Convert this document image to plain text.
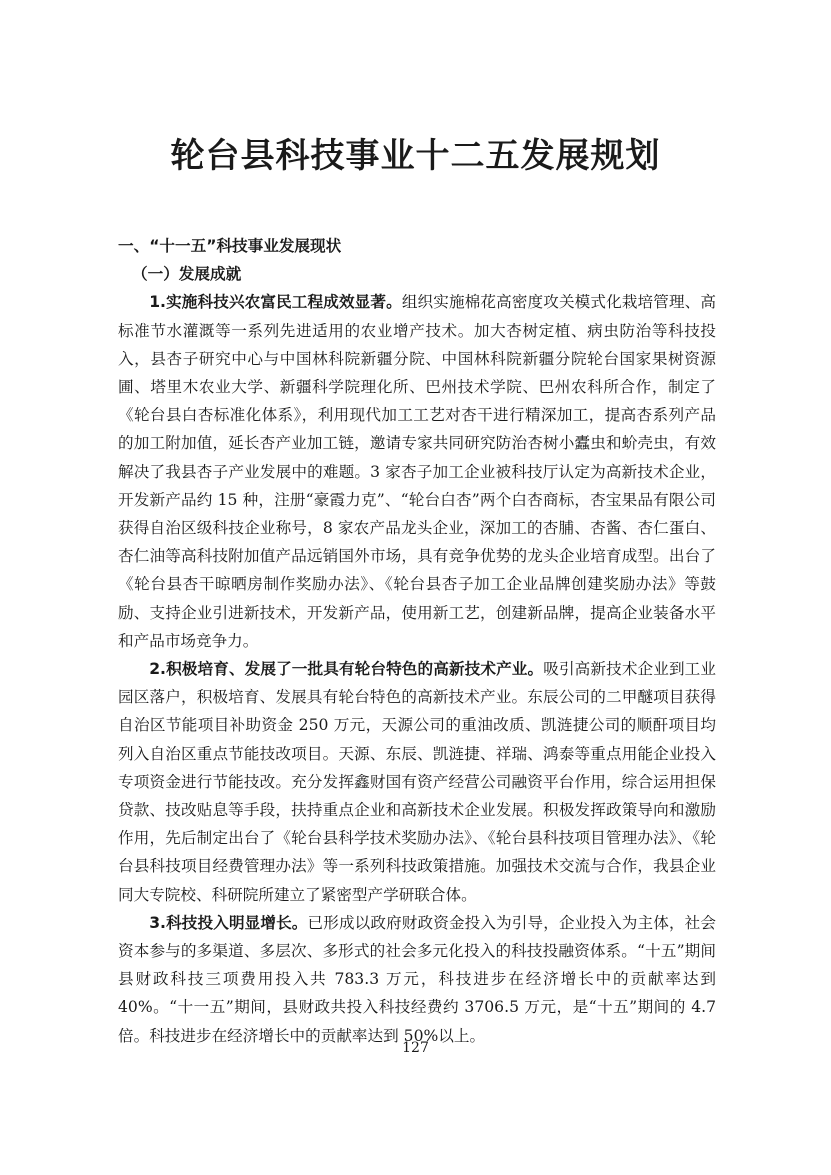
轮台县科技事业十二五发展规划

一、“十一五”科技事业发展现状

（一）发展成就

1.实施科技兴农富民工程成效显著。组织实施棉花高密度攻关模式化栽培管理、高标准节水灌溉等一系列先进适用的农业增产技术。加大杏树定植、病虫防治等科技投入，县杏子研究中心与中国林科院新疆分院、中国林科院新疆分院轮台国家果树资源圃、塔里木农业大学、新疆科学院理化所、巴州技术学院、巴州农科所合作，制定了《轮台县白杏标准化体系》，利用现代加工工艺对杏干进行精深加工，提高杏系列产品的加工附加值，延长杏产业加工链，邀请专家共同研究防治杏树小蠹虫和蚧壳虫，有效解决了我县杏子产业发展中的难题。3 家杏子加工企业被科技厅认定为高新技术企业，开发新产品约 15 种，注册“豪霞力克”、“轮台白杏”两个白杏商标，杏宝果品有限公司获得自治区级科技企业称号，8 家农产品龙头企业，深加工的杏脯、杏酱、杏仁蛋白、杏仁油等高科技附加值产品远销国外市场，具有竞争优势的龙头企业培育成型。出台了《轮台县杏干晾晒房制作奖励办法》、《轮台县杏子加工企业品牌创建奖励办法》等鼓励、支持企业引进新技术，开发新产品，使用新工艺，创建新品牌，提高企业装备水平和产品市场竞争力。

2.积极培育、发展了一批具有轮台特色的高新技术产业。吸引高新技术企业到工业园区落户，积极培育、发展具有轮台特色的高新技术产业。东辰公司的二甲醚项目获得自治区节能项目补助资金 250 万元，天源公司的重油改质、凯涟捷公司的顺酐项目均列入自治区重点节能技改项目。天源、东辰、凯涟捷、祥瑞、鸿泰等重点用能企业投入专项资金进行节能技改。充分发挥鑫财国有资产经营公司融资平台作用，综合运用担保贷款、技改贴息等手段，扶持重点企业和高新技术企业发展。积极发挥政策导向和激励作用，先后制定出台了《轮台县科学技术奖励办法》、《轮台县科技项目管理办法》、《轮台县科技项目经费管理办法》等一系列科技政策措施。加强技术交流与合作，我县企业同大专院校、科研院所建立了紧密型产学研联合体。

3.科技投入明显增长。已形成以政府财政资金投入为引导，企业投入为主体，社会资本参与的多渠道、多层次、多形式的社会多元化投入的科技投融资体系。“十五”期间县财政科技三项费用投入共 783.3 万元，科技进步在经济增长中的贡献率达到 40%。“十一五”期间，县财政共投入科技经费约 3706.5 万元，是“十五”期间的 4.7 倍。科技进步在经济增长中的贡献率达到 50%以上。

127
